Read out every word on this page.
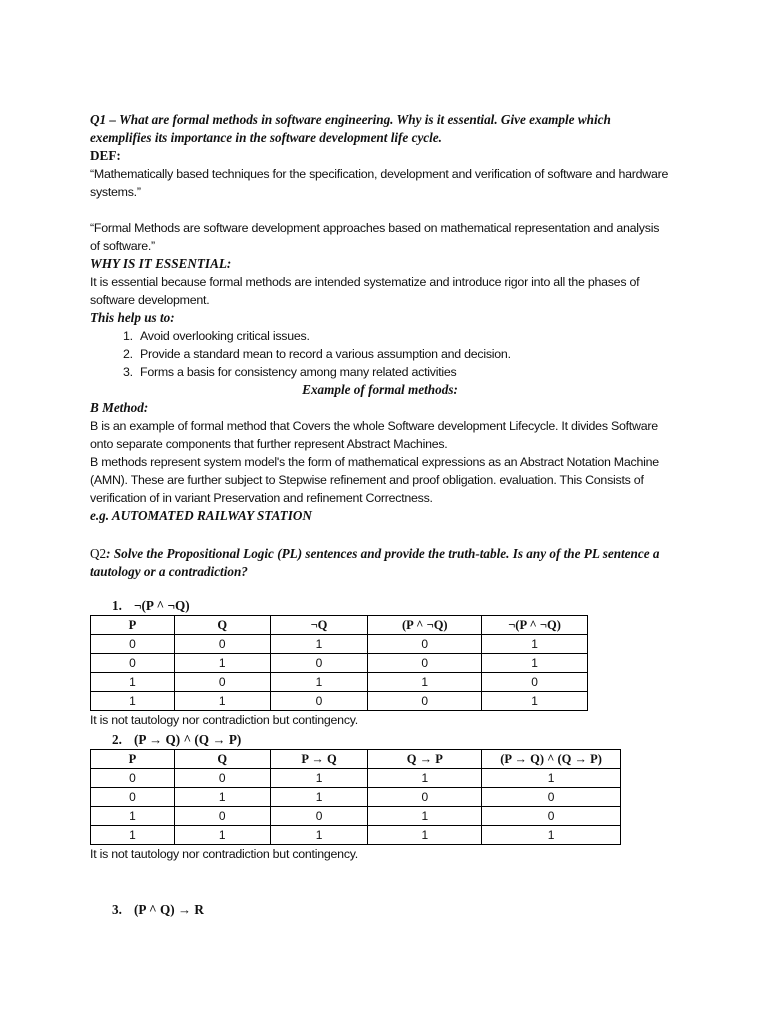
Q1 – What are formal methods in software engineering. Why is it essential. Give example which exemplifies its importance in the software development life cycle.

DEF:

“Mathematically based techniques for the specification, development and verification of software and hardware systems.”

“Formal Methods are software development approaches based on mathematical representation and analysis of software.”

WHY IS IT ESSENTIAL:

It is essential because formal methods are intended systematize and introduce rigor into all the phases of software development.

This help us to:

1. Avoid overlooking critical issues.
2. Provide a standard mean to record a various assumption and decision.
3. Forms a basis for consistency among many related activities

Example of formal methods:

B Method:

B is an example of formal method that Covers the whole Software development Lifecycle. It divides Software onto separate components that further represent Abstract Machines.

B methods represent system model's the form of mathematical expressions as an Abstract Notation Machine (AMN). These are further subject to Stepwise refinement and proof obligation. evaluation. This Consists of verification of in variant Preservation and refinement Correctness.

e.g. AUTOMATED RAILWAY STATION

Q2: Solve the Propositional Logic (PL) sentences and provide the truth-table. Is any of the PL sentence a tautology or a contradiction?

1. ¬(P ^ ¬Q)

P	Q	¬Q	(P ^ ¬Q)	¬(P ^ ¬Q)
0	0	1	0	1
0	1	0	0	1
1	0	1	1	0
1	1	0	0	1

It is not tautology nor contradiction but contingency.

2. (P → Q) ^ (Q → P)

P	Q	P → Q	Q → P	(P → Q) ^ (Q → P)
0	0	1	1	1
0	1	1	0	0
1	0	0	1	0
1	1	1	1	1

It is not tautology nor contradiction but contingency.

3. (P ^ Q) → R
